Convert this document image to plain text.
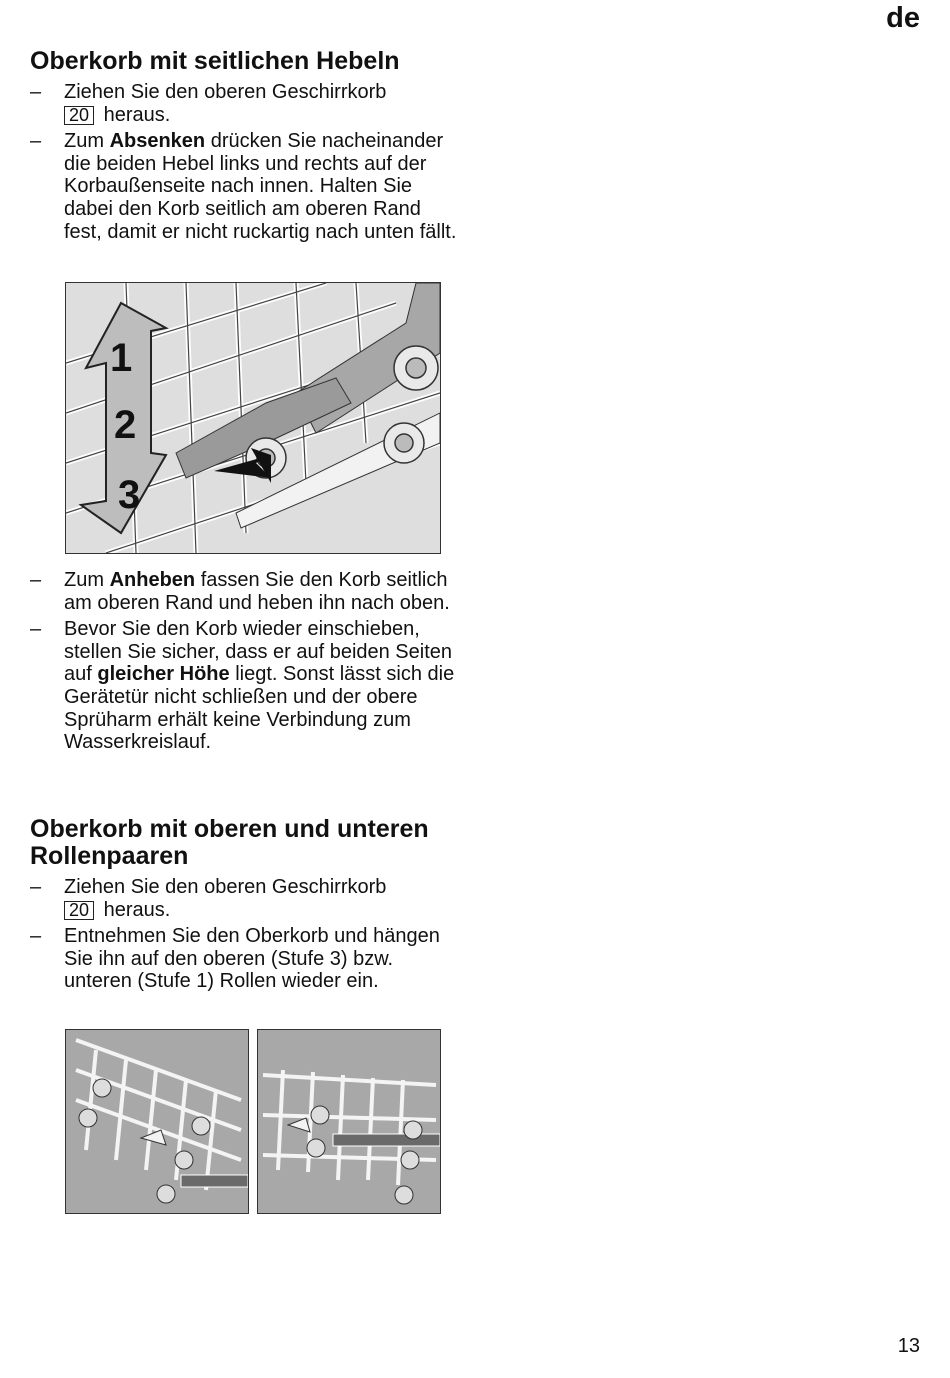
de
Oberkorb mit seitlichen Hebeln
– Ziehen Sie den oberen Geschirrkorb
20 heraus.
– Zum Absenken drücken Sie nacheinander die beiden Hebel links und rechts auf der Korbaußenseite nach innen. Halten Sie dabei den Korb seitlich am oberen Rand fest, damit er nicht ruckartig nach unten fällt.
1
2
3
– Zum Anheben fassen Sie den Korb seitlich am oberen Rand und heben ihn nach oben.
– Bevor Sie den Korb wieder einschieben, stellen Sie sicher, dass er auf beiden Seiten auf gleicher Höhe liegt. Sonst lässt sich die Gerätetür nicht schließen und der obere Sprüharm erhält keine Verbindung zum Wasserkreislauf.
Oberkorb mit oberen und unteren Rollenpaaren
– Ziehen Sie den oberen Geschirrkorb
20 heraus.
– Entnehmen Sie den Oberkorb und hängen Sie ihn auf den oberen (Stufe 3) bzw. unteren (Stufe 1) Rollen wieder ein.
13
